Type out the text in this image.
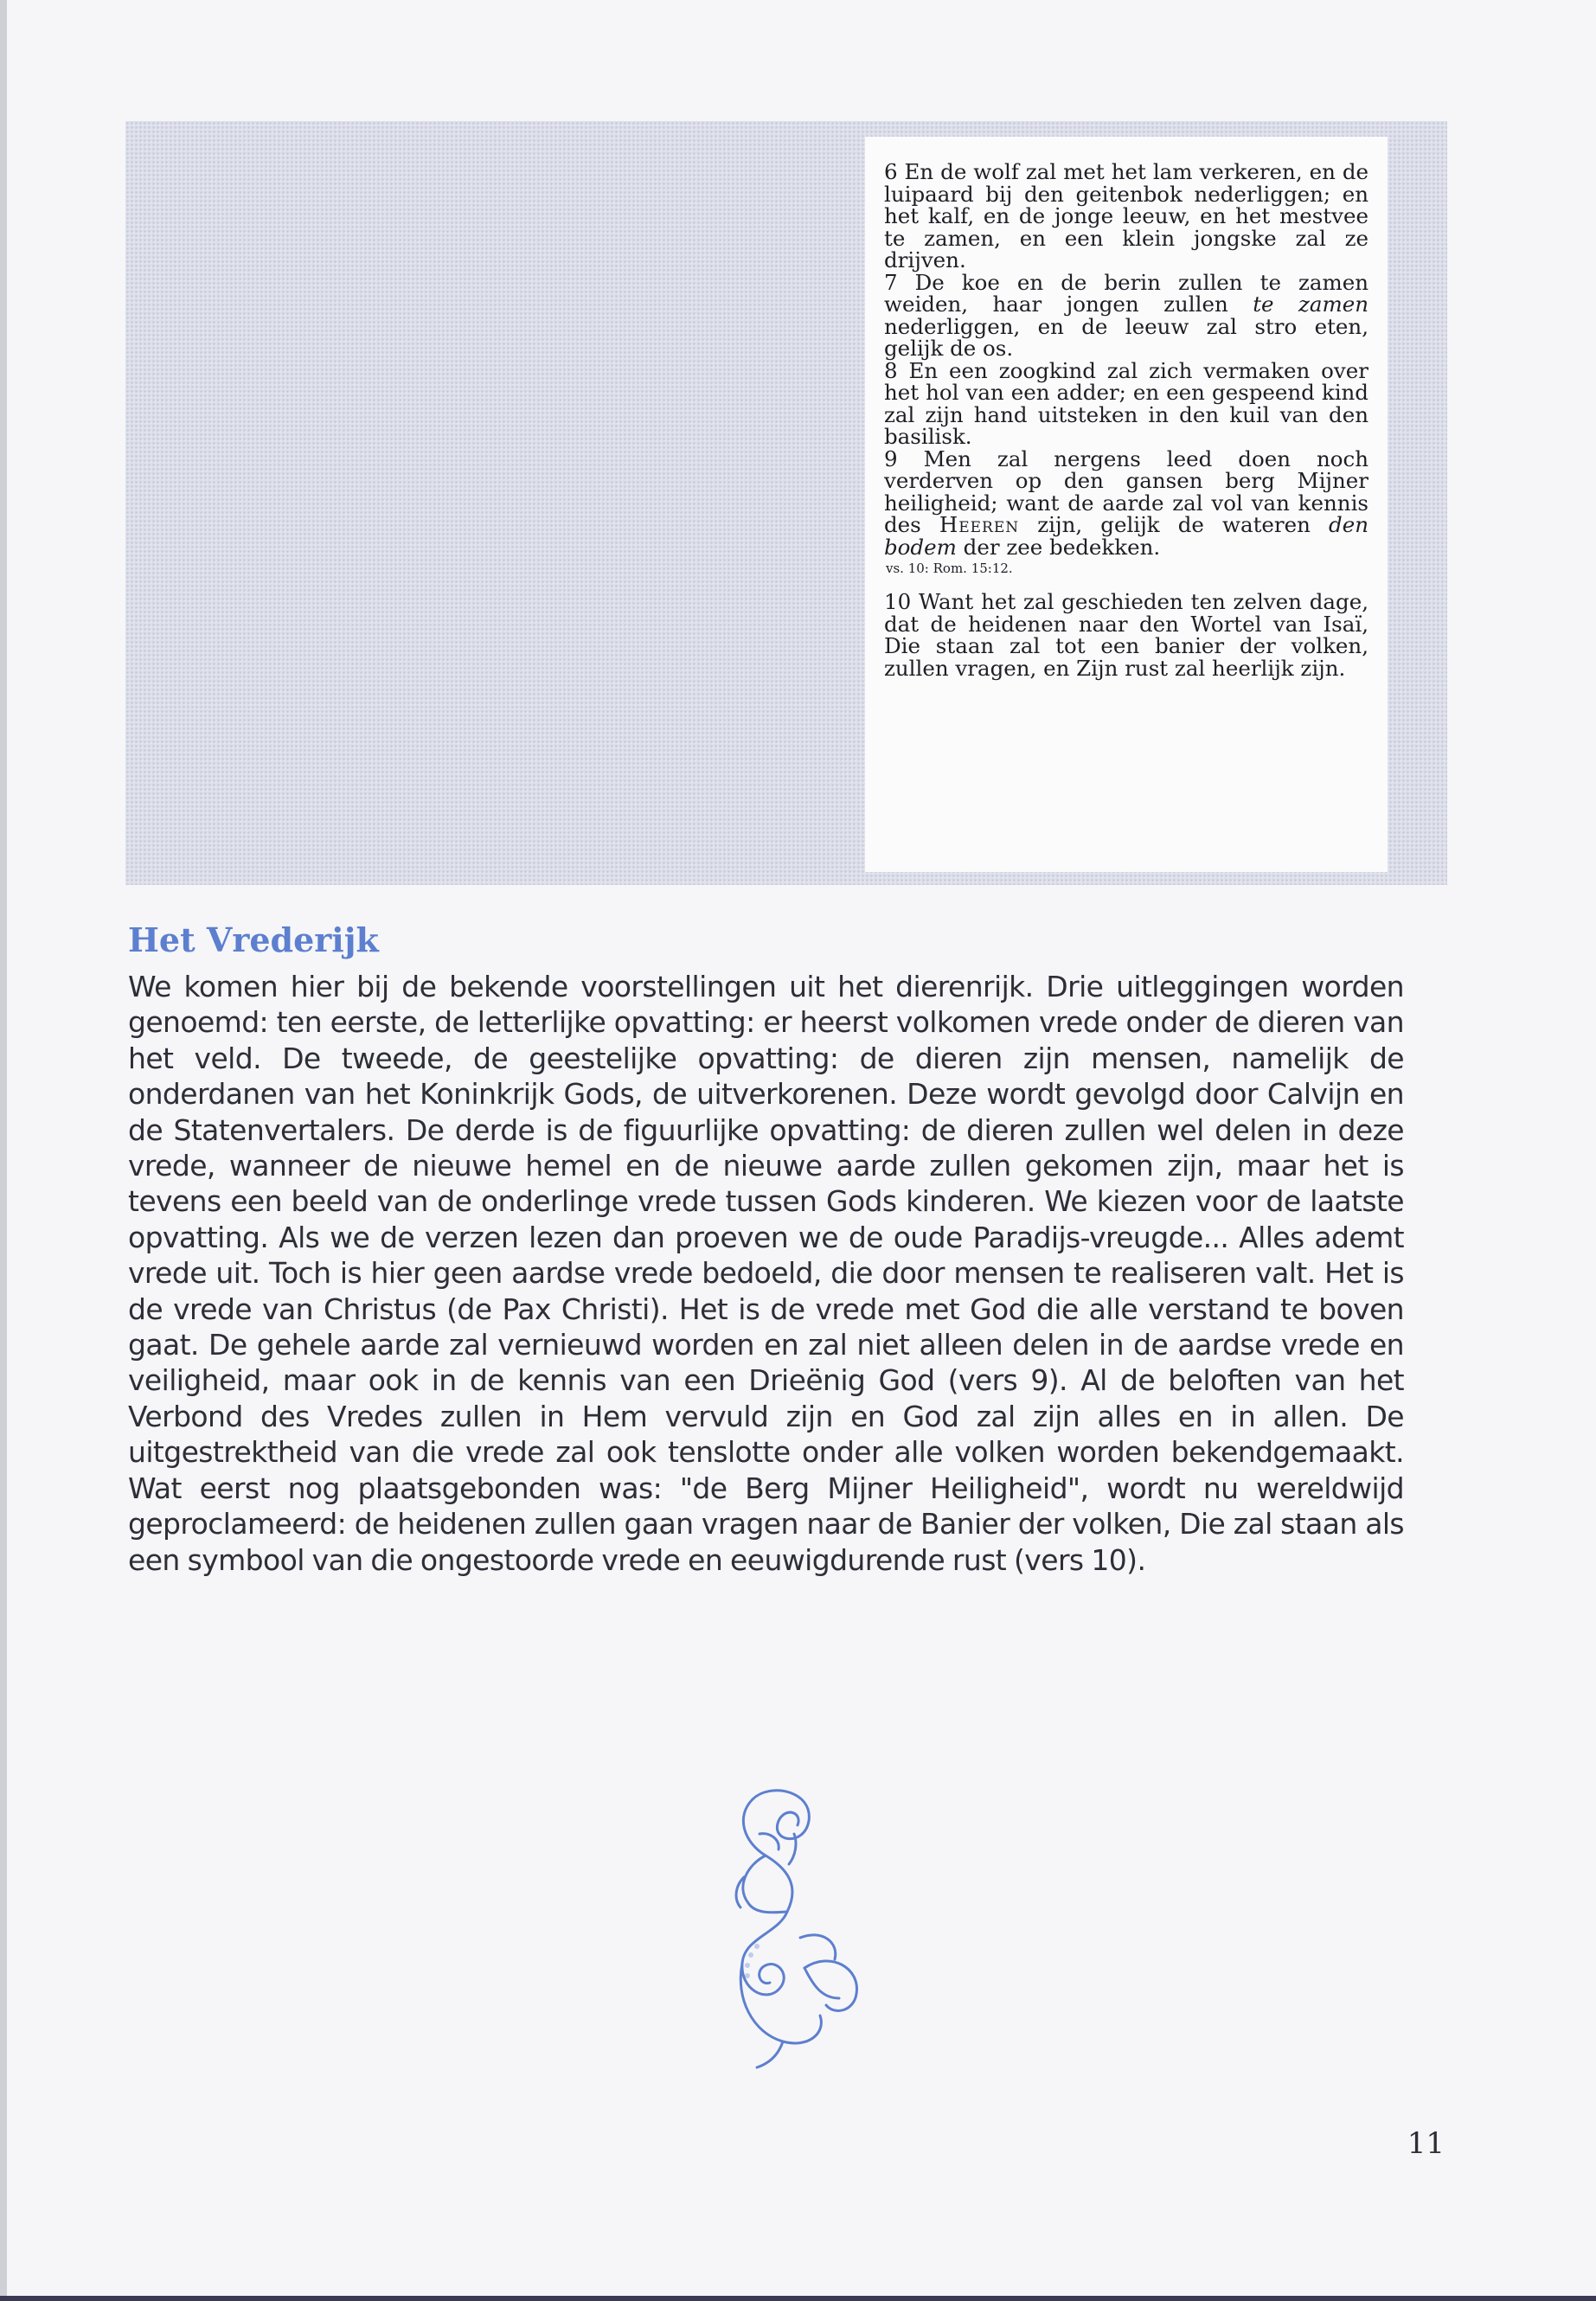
6 En de wolf zal met het lam verkeren, en de luipaard bij den geitenbok nederliggen; en het kalf, en de jonge leeuw, en het mestvee te zamen, en een klein jongske zal ze drijven.

7 De koe en de berin zullen te zamen weiden, haar jongen zullen te zamen nederliggen, en de leeuw zal stro eten, gelijk de os.

8 En een zoogkind zal zich vermaken over het hol van een adder; en een gespeend kind zal zijn hand uitsteken in den kuil van den basilisk.

9 Men zal nergens leed doen noch verderven op den gansen berg Mijner heiligheid; want de aarde zal vol van kennis des Heeren zijn, gelijk de wateren den bodem der zee bedekken.

vs. 10: Rom. 15:12.

10 Want het zal geschieden ten zelven dage, dat de heidenen naar den Wortel van Isaï, Die staan zal tot een banier der volken, zullen vragen, en Zijn rust zal heerlijk zijn.

Het Vrederijk

We komen hier bij de bekende voorstellingen uit het dierenrijk. Drie uitleggingen worden genoemd: ten eerste, de letterlijke opvatting: er heerst volkomen vrede onder de dieren van het veld. De tweede, de geestelijke opvatting: de dieren zijn mensen, namelijk de onderdanen van het Koninkrijk Gods, de uitverkorenen. Deze wordt gevolgd door Calvijn en de Statenvertalers. De derde is de figuurlijke opvatting: de dieren zullen wel delen in deze vrede, wanneer de nieuwe hemel en de nieuwe aarde zullen gekomen zijn, maar het is tevens een beeld van de onderlinge vrede tussen Gods kinderen. We kiezen voor de laatste opvatting. Als we de verzen lezen dan proeven we de oude Paradijs-vreugde... Alles ademt vrede uit. Toch is hier geen aardse vrede bedoeld, die door mensen te realiseren valt. Het is de vrede van Christus (de Pax Christi). Het is de vrede met God die alle verstand te boven gaat. De gehele aarde zal vernieuwd worden en zal niet alleen delen in de aardse vrede en veiligheid, maar ook in de kennis van een Drieënig God (vers 9). Al de beloften van het Verbond des Vredes zullen in Hem vervuld zijn en God zal zijn alles en in allen. De uitgestrektheid van die vrede zal ook tenslotte onder alle volken worden bekendgemaakt. Wat eerst nog plaatsgebonden was: "de Berg Mijner Heiligheid", wordt nu wereldwijd geproclameerd: de heidenen zullen gaan vragen naar de Banier der volken, Die zal staan als een symbool van die ongestoorde vrede en eeuwigdurende rust (vers 10).

11
